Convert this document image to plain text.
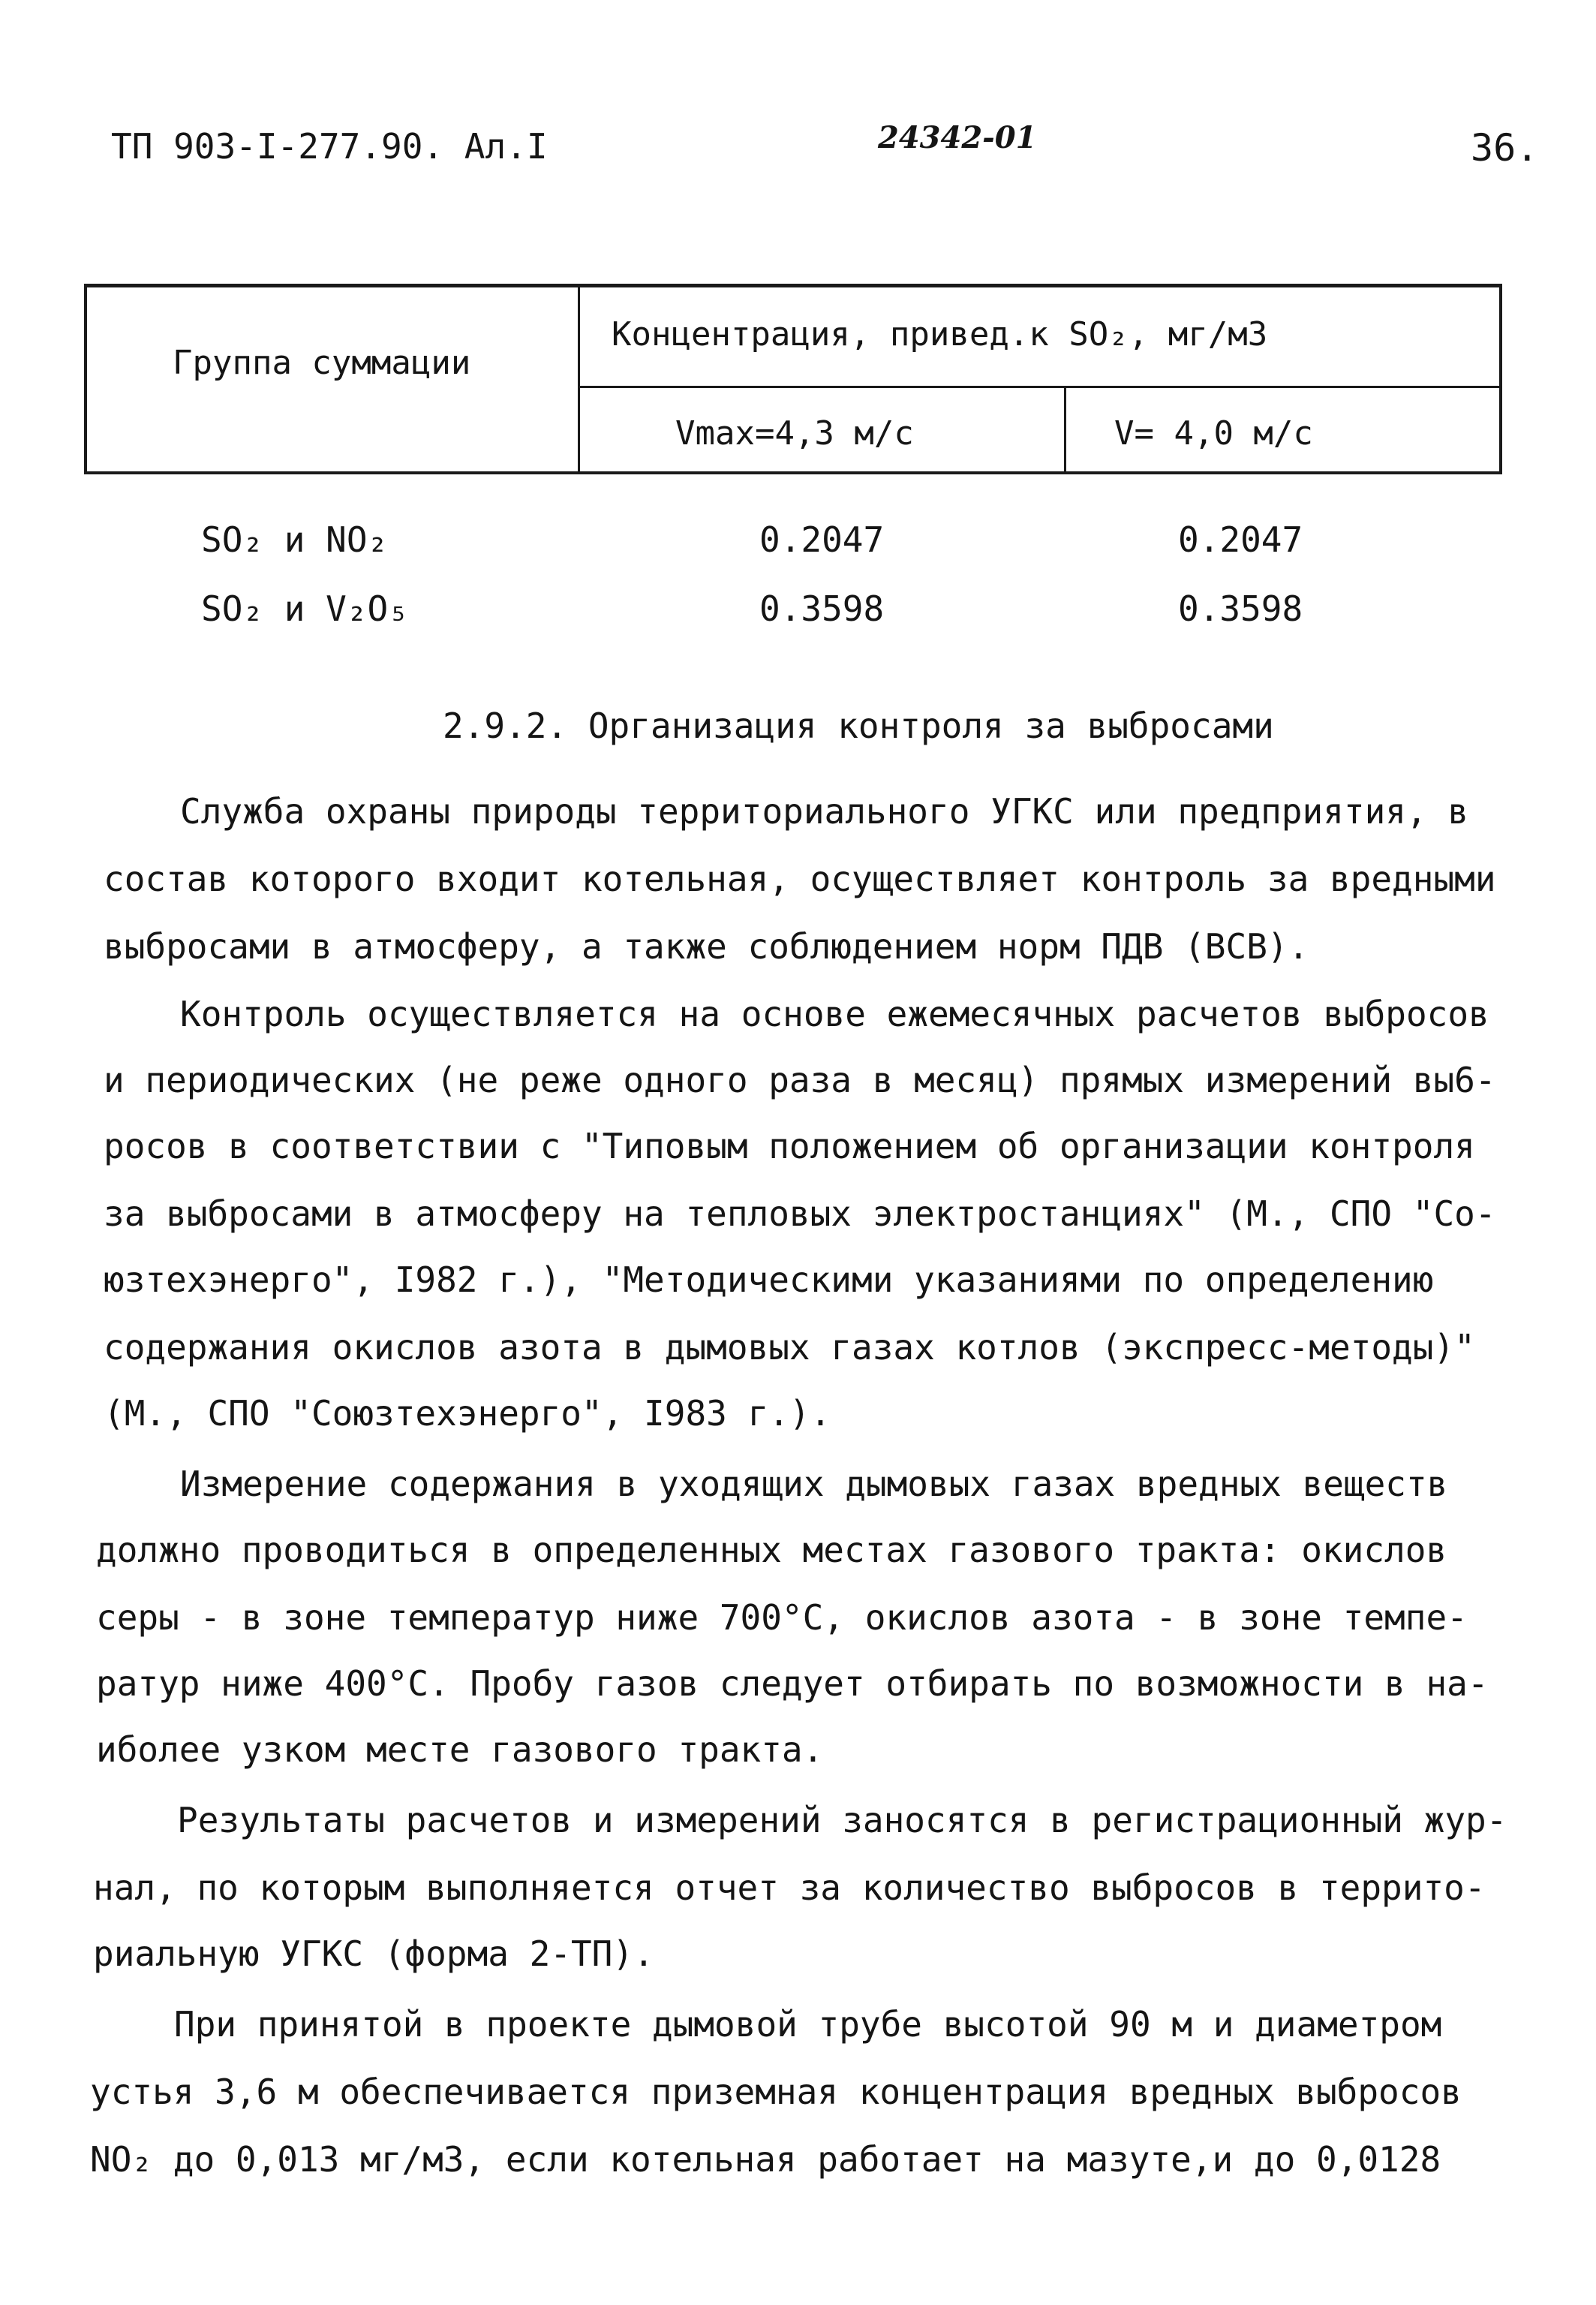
ТП 903-I-277.90. Ал.I	24342-01	36.
Группа суммации
Концентрация, привед.к SO₂, мг/м3
Vmax=4,3 м/с	V= 4,0 м/с
SO₂ и NO₂	0.2047	0.2047
SO₂ и V₂O₅	0.3598	0.3598
2.9.2. Организация контроля за выбросами
Служба охраны природы территориального УГКС или предприятия, в
состав которого входит котельная, осуществляет контроль за вредными
выбросами в атмосферу, а также соблюдением норм ПДВ (ВСВ).
Контроль осуществляется на основе ежемесячных расчетов выбросов
и периодических (не реже одного раза в месяц) прямых измерений вы6-
росов в соответствии с "Типовым положением об организации контроля
за выбросами в атмосферу на тепловых электростанциях" (М., СПО "Со-
юзтехэнерго", I982 г.), "Методическими указаниями по определению
содержания окислов азота в дымовых газах котлов (экспресс-методы)"
(М., СПО "Союзтехэнерго", I983 г.).
Измерение содержания в уходящих дымовых газах вредных веществ
должно проводиться в определенных местах газового тракта: окислов
серы - в зоне температур ниже 700°С, окислов азота - в зоне темпе-
ратур ниже 400°С. Пробу газов следует отбирать по возможности в на-
иболее узком месте газового тракта.
Результаты расчетов и измерений заносятся в регистрационный жур-
нал, по которым выполняется отчет за количество выбросов в террито-
риальную УГКС (форма 2-ТП).
При принятой в проекте дымовой трубе высотой 90 м и диаметром
устья 3,6 м обеспечивается приземная концентрация вредных выбросов
NO₂ до 0,013 мг/м3, если котельная работает на мазуте,и до 0,0128
